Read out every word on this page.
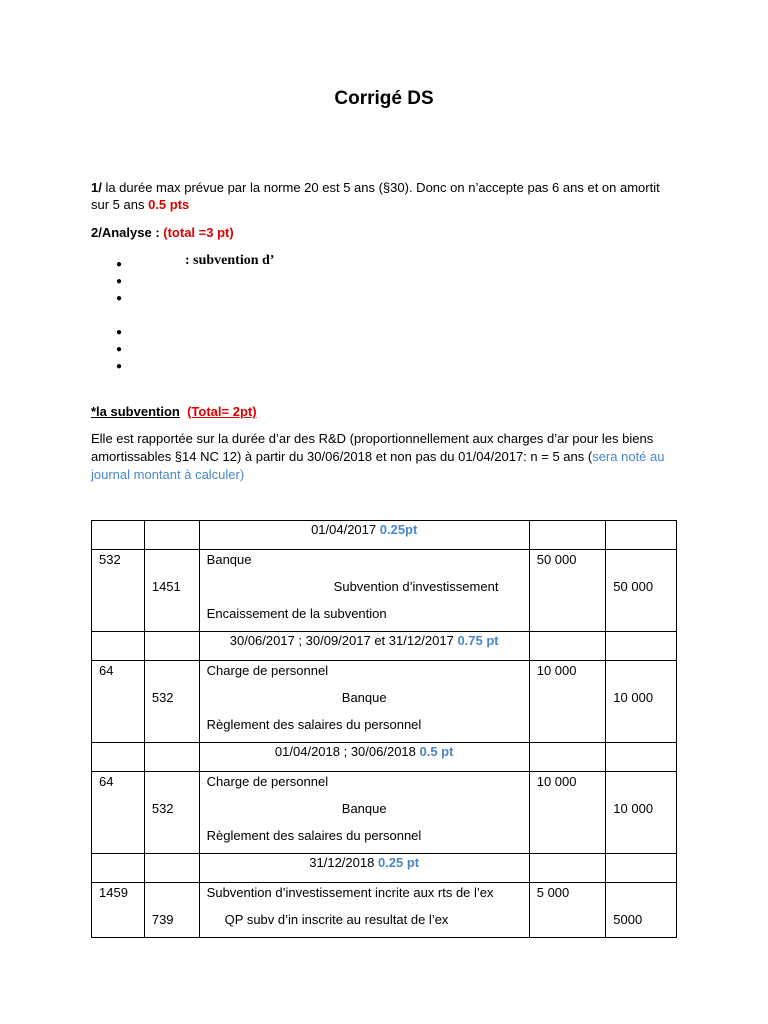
Corrigé DS
1/ la durée max prévue par la norme 20 est 5 ans (§30). Donc on n’accepte pas 6 ans et on amortit
sur 5 ans 0.5 pts
2/Analyse : (total =3 pt)
●	: subvention d’
●
●
●
●
●
*la subvention (Total= 2pt)
Elle est rapportée sur la durée d’ar des R&D (proportionnellement aux charges d’ar pour les biens
amortissables §14 NC 12) à partir du 30/06/2018 et non pas du 01/04/2017: n = 5 ans (sera noté au
journal montant à calculer)
		01/04/2017 0.25pt		

532	1451	Banque
Subvention d’investissement
Encaissement de la subvention	50 000	50 000

		30/06/2017 ; 30/09/2017 et 31/12/2017 0.75 pt		

64	532	Charge de personnel
Banque
Règlement des salaires du personnel	10 000	10 000

		01/04/2018 ; 30/06/2018 0.5 pt		

64	532	Charge de personnel
Banque
Règlement des salaires du personnel	10 000	10 000

		31/12/2018 0.25 pt		

1459	739	Subvention d’investissement incrite aux rts de l’ex
QP subv d’in inscrite au resultat de l’ex	5 000	5000
